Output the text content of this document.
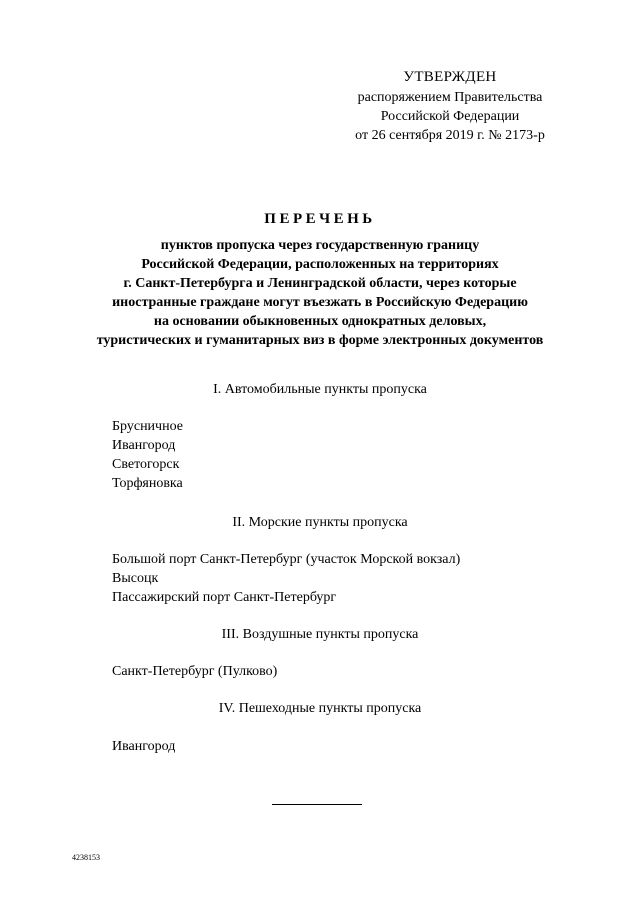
УТВЕРЖДЕН
распоряжением Правительства
Российской Федерации
от 26 сентября 2019 г. № 2173-р
ПЕРЕЧЕНЬ
пунктов пропуска через государственную границу
Российской Федерации, расположенных на территориях
г. Санкт-Петербурга и Ленинградской области, через которые
иностранные граждане могут въезжать в Российскую Федерацию
на основании обыкновенных однократных деловых,
туристических и гуманитарных виз в форме электронных документов
I. Автомобильные пункты пропуска
Брусничное
Ивангород
Светогорск
Торфяновка
II. Морские пункты пропуска
Большой порт Санкт-Петербург (участок Морской вокзал)
Высоцк
Пассажирский порт Санкт-Петербург
III. Воздушные пункты пропуска
Санкт-Петербург (Пулково)
IV. Пешеходные пункты пропуска
Ивангород
4238153
